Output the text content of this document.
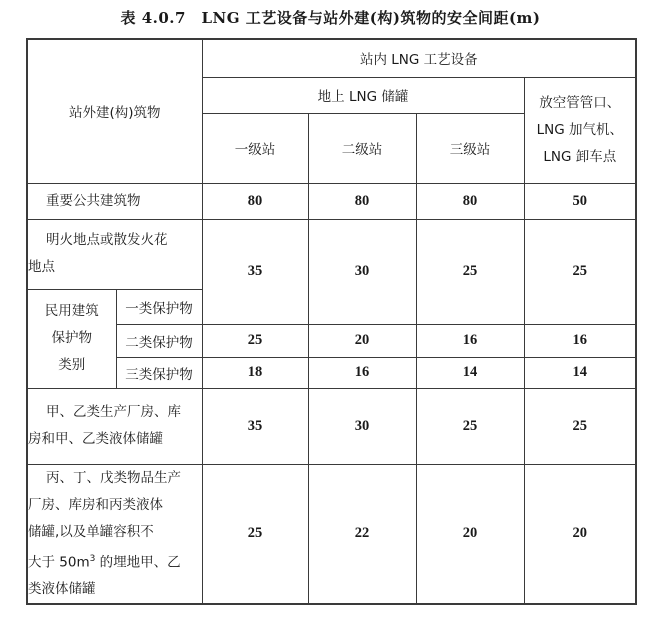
表 4.0.7　LNG 工艺设备与站外建(构)筑物的安全间距(m)
站外建(构)筑物		站内 LNG 工艺设备			
		地上 LNG 储罐			放空管管口、
LNG 加气机、
LNG 卸车点

		一级站	二级站	三级站	
重要公共建筑物		80	80	80	50

明火地点或散发火花
地点		35	30	25	25

民用建筑
保护物
类别	一类保护物				
	二类保护物	25	20	16	16
	三类保护物	18	16	14	14

甲、乙类生产厂房、库
房和甲、乙类液体储罐		35	30	25	25

丙、丁、戊类物品生产
厂房、库房和丙类液体
储罐,以及单罐容积不
大于 $50m^3$ 的埋地甲、乙
类液体储罐		25	22	20	20
